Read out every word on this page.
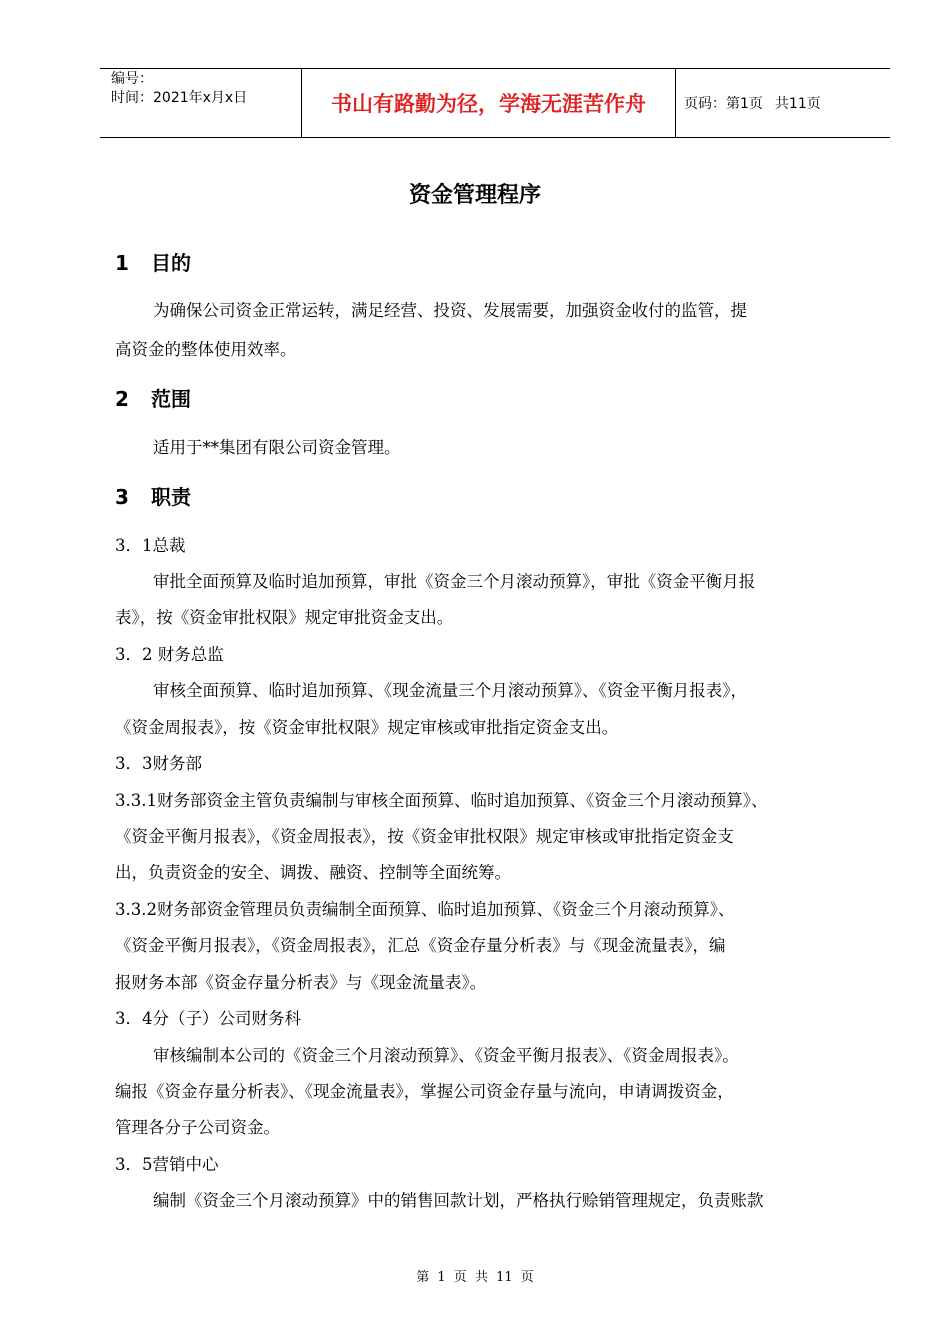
编号：
时间：2021年x月x日	书山有路勤为径，学海无涯苦作舟	页码：第1页 共11页
资金管理程序
1 目的
为确保公司资金正常运转，满足经营、投资、发展需要，加强资金收付的监管，提
高资金的整体使用效率。
2 范围
适用于**集团有限公司资金管理。
3 职责
3．1总裁
审批全面预算及临时追加预算，审批《资金三个月滚动预算》，审批《资金平衡月报
表》，按《资金审批权限》规定审批资金支出。
3．2 财务总监
审核全面预算、临时追加预算、《现金流量三个月滚动预算》、《资金平衡月报表》，
《资金周报表》，按《资金审批权限》规定审核或审批指定资金支出。
3．3财务部
3.3.1财务部资金主管负责编制与审核全面预算、临时追加预算、《资金三个月滚动预算》、
《资金平衡月报表》，《资金周报表》，按《资金审批权限》规定审核或审批指定资金支
出，负责资金的安全、调拨、融资、控制等全面统筹。
3.3.2财务部资金管理员负责编制全面预算、临时追加预算、《资金三个月滚动预算》、
《资金平衡月报表》，《资金周报表》，汇总《资金存量分析表》与《现金流量表》，编
报财务本部《资金存量分析表》与《现金流量表》。
3．4分（子）公司财务科
审核编制本公司的《资金三个月滚动预算》、《资金平衡月报表》、《资金周报表》。
编报《资金存量分析表》、《现金流量表》，掌握公司资金存量与流向，申请调拨资金，
管理各分子公司资金。
3．5营销中心
编制《资金三个月滚动预算》中的销售回款计划，严格执行赊销管理规定，负责账款
第 1 页 共 11 页
